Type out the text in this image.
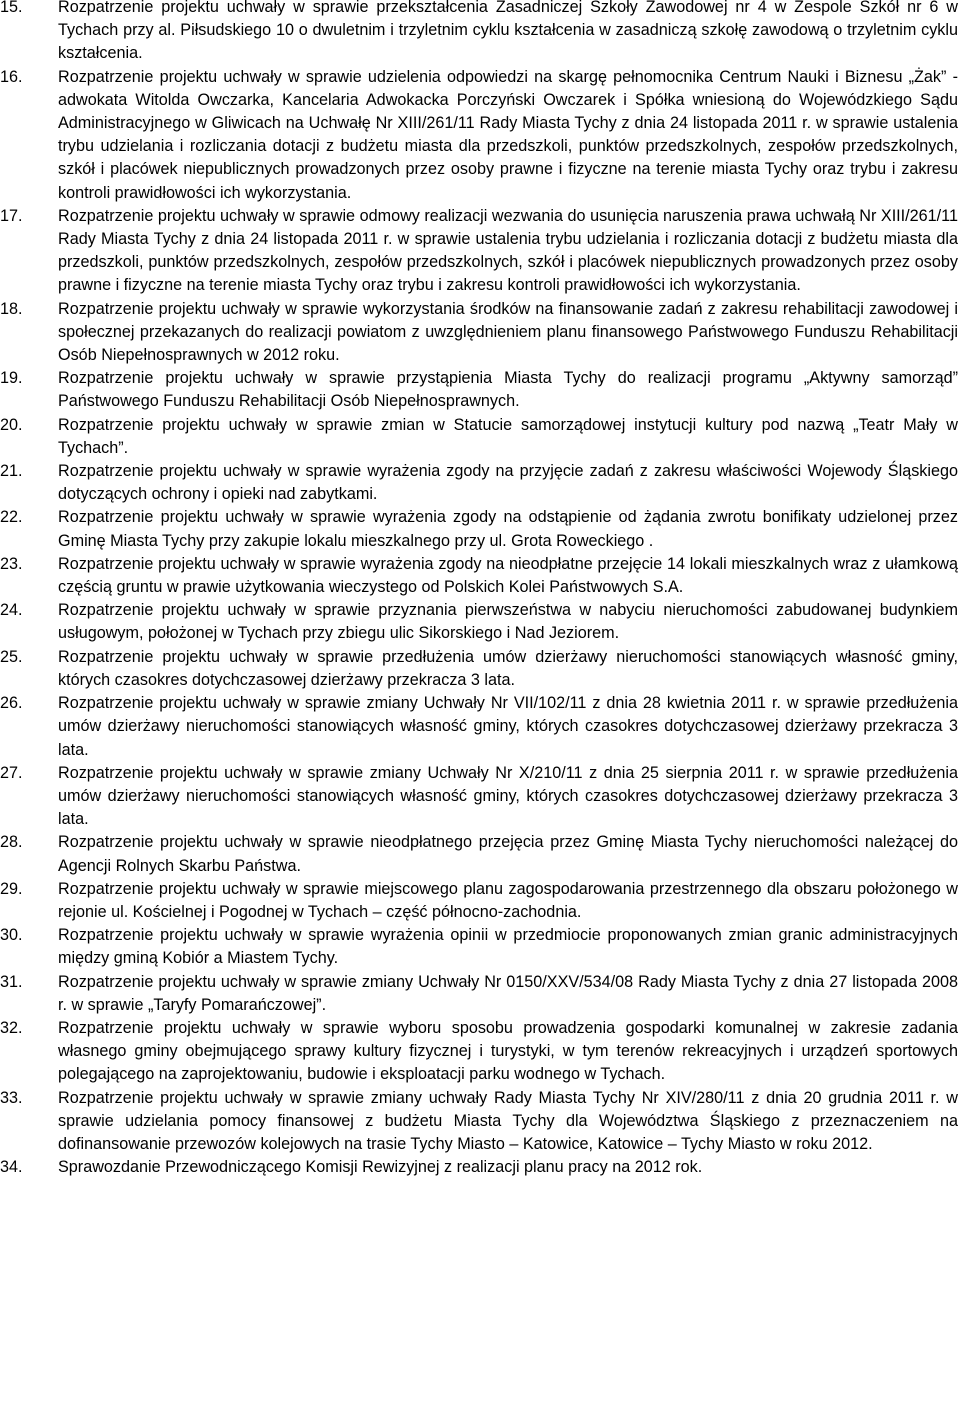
15.	Rozpatrzenie projektu uchwały w sprawie przekształcenia Zasadniczej Szkoły Zawodowej nr 4 w Zespole Szkół nr 6 w Tychach przy al. Piłsudskiego 10 o dwuletnim i trzyletnim cyklu kształcenia w zasadniczą szkołę zawodową o trzyletnim cyklu kształcenia.
16.	Rozpatrzenie projektu uchwały w sprawie udzielenia odpowiedzi na skargę pełnomocnika Centrum Nauki i Biznesu „Żak” - adwokata Witolda Owczarka, Kancelaria Adwokacka Porczyński Owczarek i Spółka wniesioną do Wojewódzkiego Sądu Administracyjnego w Gliwicach na Uchwałę Nr XIII/261/11 Rady Miasta Tychy z dnia 24 listopada 2011 r. w sprawie ustalenia trybu udzielania i rozliczania dotacji z budżetu miasta dla przedszkoli, punktów przedszkolnych, zespołów przedszkolnych, szkół i placówek niepublicznych prowadzonych przez osoby prawne i fizyczne na terenie miasta Tychy oraz trybu i zakresu kontroli prawidłowości ich wykorzystania.
17.	Rozpatrzenie projektu uchwały w sprawie odmowy realizacji wezwania do usunięcia naruszenia prawa uchwałą Nr XIII/261/11 Rady Miasta Tychy z dnia 24 listopada 2011 r. w sprawie ustalenia trybu udzielania i rozliczania dotacji z budżetu miasta dla przedszkoli, punktów przedszkolnych, zespołów przedszkolnych, szkół i placówek niepublicznych prowadzonych przez osoby prawne i fizyczne na terenie miasta Tychy oraz trybu i zakresu kontroli prawidłowości ich wykorzystania.
18.	Rozpatrzenie projektu uchwały w sprawie wykorzystania środków na finansowanie zadań z zakresu rehabilitacji zawodowej i społecznej przekazanych do realizacji powiatom z uwzględnieniem planu finansowego Państwowego Funduszu Rehabilitacji Osób Niepełnosprawnych w 2012 roku.
19.	Rozpatrzenie projektu uchwały w sprawie przystąpienia Miasta Tychy do realizacji programu „Aktywny samorząd” Państwowego Funduszu Rehabilitacji Osób Niepełnosprawnych.
20.	Rozpatrzenie projektu uchwały w sprawie zmian w Statucie samorządowej instytucji kultury pod nazwą „Teatr Mały w Tychach”.
21.	Rozpatrzenie projektu uchwały w sprawie wyrażenia zgody na przyjęcie zadań z zakresu właściwości Wojewody Śląskiego dotyczących ochrony i opieki nad zabytkami.
22.	Rozpatrzenie projektu uchwały w sprawie wyrażenia zgody na odstąpienie od żądania zwrotu bonifikaty udzielonej przez Gminę Miasta Tychy przy zakupie lokalu mieszkalnego przy ul. Grota Roweckiego .
23.	Rozpatrzenie projektu uchwały w sprawie wyrażenia zgody na nieodpłatne przejęcie 14 lokali mieszkalnych wraz z ułamkową częścią gruntu w prawie użytkowania wieczystego od Polskich Kolei Państwowych S.A.
24.	Rozpatrzenie projektu uchwały w sprawie przyznania pierwszeństwa w nabyciu nieruchomości zabudowanej budynkiem usługowym, położonej w Tychach przy zbiegu ulic Sikorskiego i Nad Jeziorem.
25.	Rozpatrzenie projektu uchwały w sprawie przedłużenia umów dzierżawy nieruchomości stanowiących własność gminy, których czasokres dotychczasowej dzierżawy przekracza 3 lata.
26.	Rozpatrzenie projektu uchwały w sprawie zmiany Uchwały Nr VII/102/11 z dnia 28 kwietnia 2011 r. w sprawie przedłużenia umów dzierżawy nieruchomości stanowiących własność gminy, których czasokres dotychczasowej dzierżawy przekracza 3 lata.
27.	Rozpatrzenie projektu uchwały w sprawie zmiany Uchwały Nr X/210/11 z dnia 25 sierpnia 2011 r. w sprawie przedłużenia umów dzierżawy nieruchomości stanowiących własność gminy, których czasokres dotychczasowej dzierżawy przekracza 3 lata.
28.	Rozpatrzenie projektu uchwały w sprawie nieodpłatnego przejęcia przez Gminę Miasta Tychy nieruchomości należącej do Agencji Rolnych Skarbu Państwa.
29.	Rozpatrzenie projektu uchwały w sprawie miejscowego planu zagospodarowania przestrzennego dla obszaru położonego w rejonie ul. Kościelnej i Pogodnej w Tychach – część północno-zachodnia.
30.	Rozpatrzenie projektu uchwały w sprawie wyrażenia opinii w przedmiocie proponowanych zmian granic administracyjnych między gminą Kobiór a Miastem Tychy.
31.	Rozpatrzenie projektu uchwały w sprawie zmiany Uchwały Nr 0150/XXV/534/08 Rady Miasta Tychy z dnia 27 listopada 2008 r. w sprawie „Taryfy Pomarańczowej”.
32.	Rozpatrzenie projektu uchwały w sprawie wyboru sposobu prowadzenia gospodarki komunalnej w zakresie zadania własnego gminy obejmującego sprawy kultury fizycznej i turystyki, w tym terenów rekreacyjnych i urządzeń sportowych polegającego na zaprojektowaniu, budowie i eksploatacji parku wodnego w Tychach.
33.	Rozpatrzenie projektu uchwały w sprawie zmiany uchwały Rady Miasta Tychy Nr XIV/280/11 z dnia 20 grudnia 2011 r. w sprawie udzielania pomocy finansowej z budżetu Miasta Tychy dla Województwa Śląskiego z przeznaczeniem na dofinansowanie przewozów kolejowych na trasie Tychy Miasto – Katowice, Katowice – Tychy Miasto w roku 2012.
34.	Sprawozdanie Przewodniczącego Komisji Rewizyjnej z realizacji planu pracy na 2012 rok.
